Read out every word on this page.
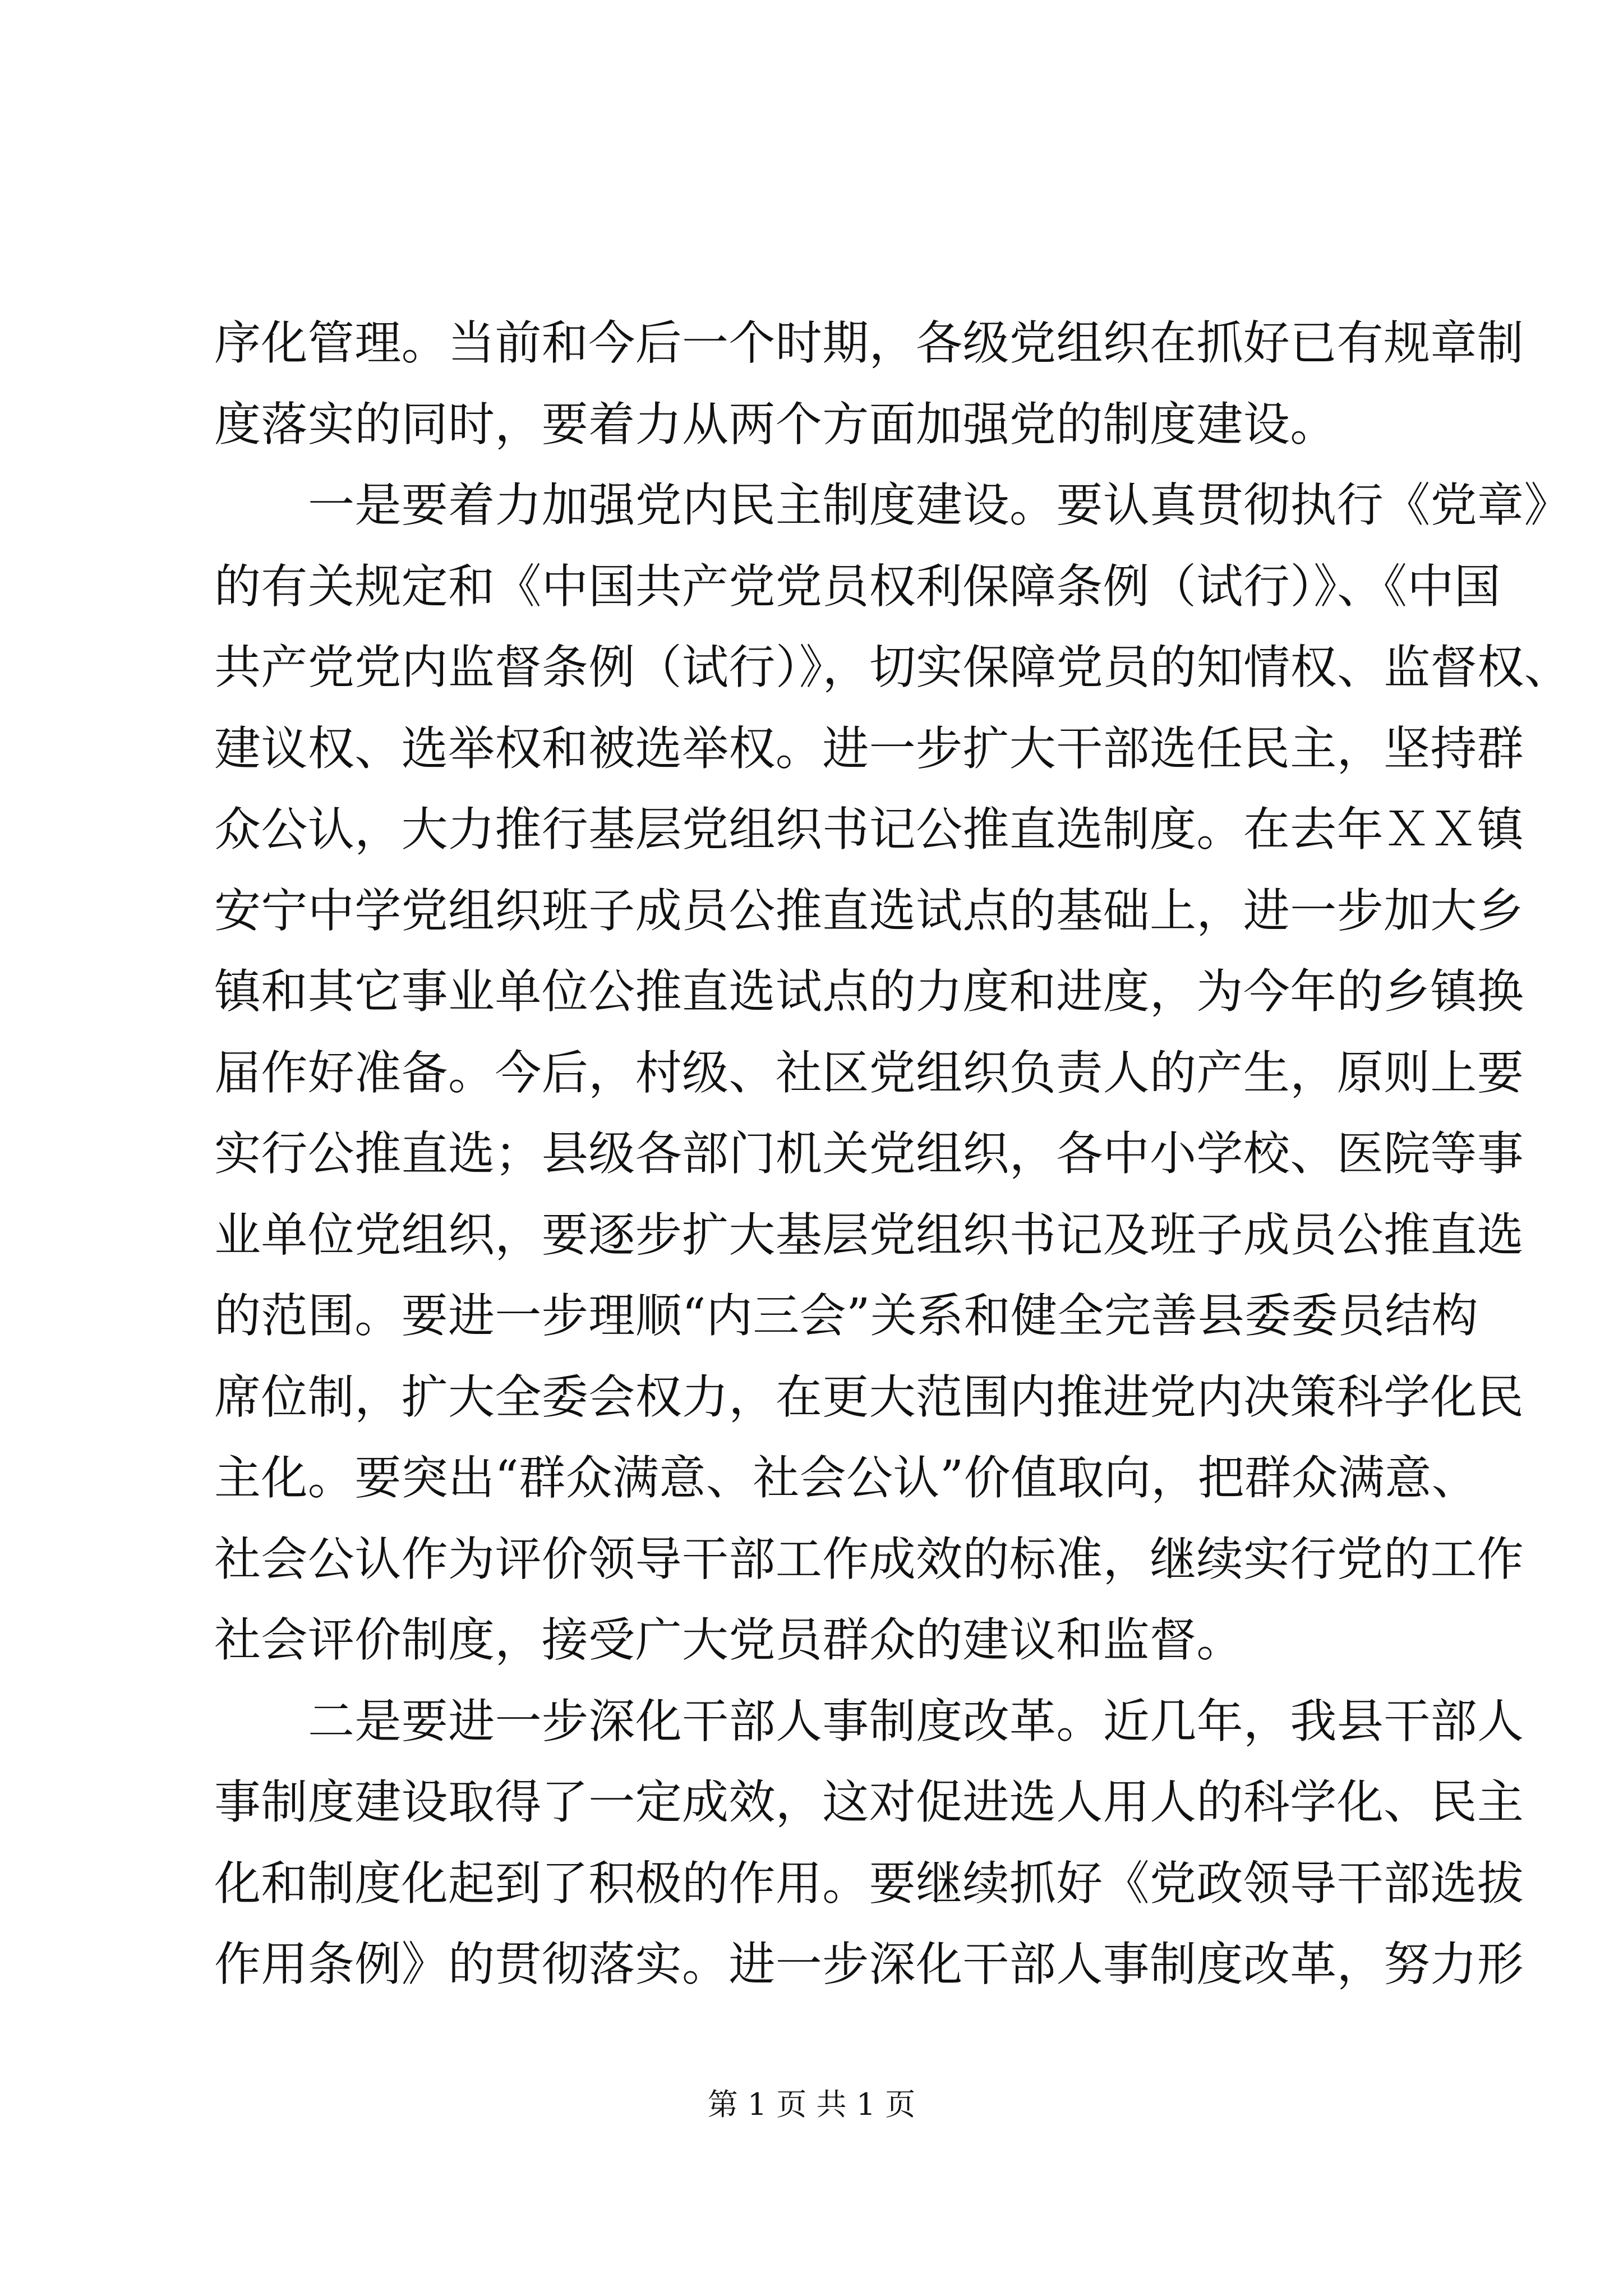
序化管理。当前和今后一个时期，各级党组织在抓好已有规章制
度落实的同时，要着力从两个方面加强党的制度建设。
一是要着力加强党内民主制度建设。要认真贯彻执行《党章》
的有关规定和《中国共产党党员权利保障条例（试行）》、《中国
共产党党内监督条例（试行）》，切实保障党员的知情权、监督权、
建议权、选举权和被选举权。进一步扩大干部选任民主，坚持群
众公认，大力推行基层党组织书记公推直选制度。在去年ＸＸ镇
安宁中学党组织班子成员公推直选试点的基础上，进一步加大乡
镇和其它事业单位公推直选试点的力度和进度，为今年的乡镇换
届作好准备。今后，村级、社区党组织负责人的产生，原则上要
实行公推直选；县级各部门机关党组织，各中小学校、医院等事
业单位党组织，要逐步扩大基层党组织书记及班子成员公推直选
的范围。要进一步理顺“内三会”关系和健全完善县委委员结构
席位制，扩大全委会权力，在更大范围内推进党内决策科学化民
主化。要突出“群众满意、社会公认”价值取向，把群众满意、
社会公认作为评价领导干部工作成效的标准，继续实行党的工作
社会评价制度，接受广大党员群众的建议和监督。
二是要进一步深化干部人事制度改革。近几年，我县干部人
事制度建设取得了一定成效，这对促进选人用人的科学化、民主
化和制度化起到了积极的作用。要继续抓好《党政领导干部选拔
作用条例》的贯彻落实。进一步深化干部人事制度改革，努力形
第 1 页 共 1 页
